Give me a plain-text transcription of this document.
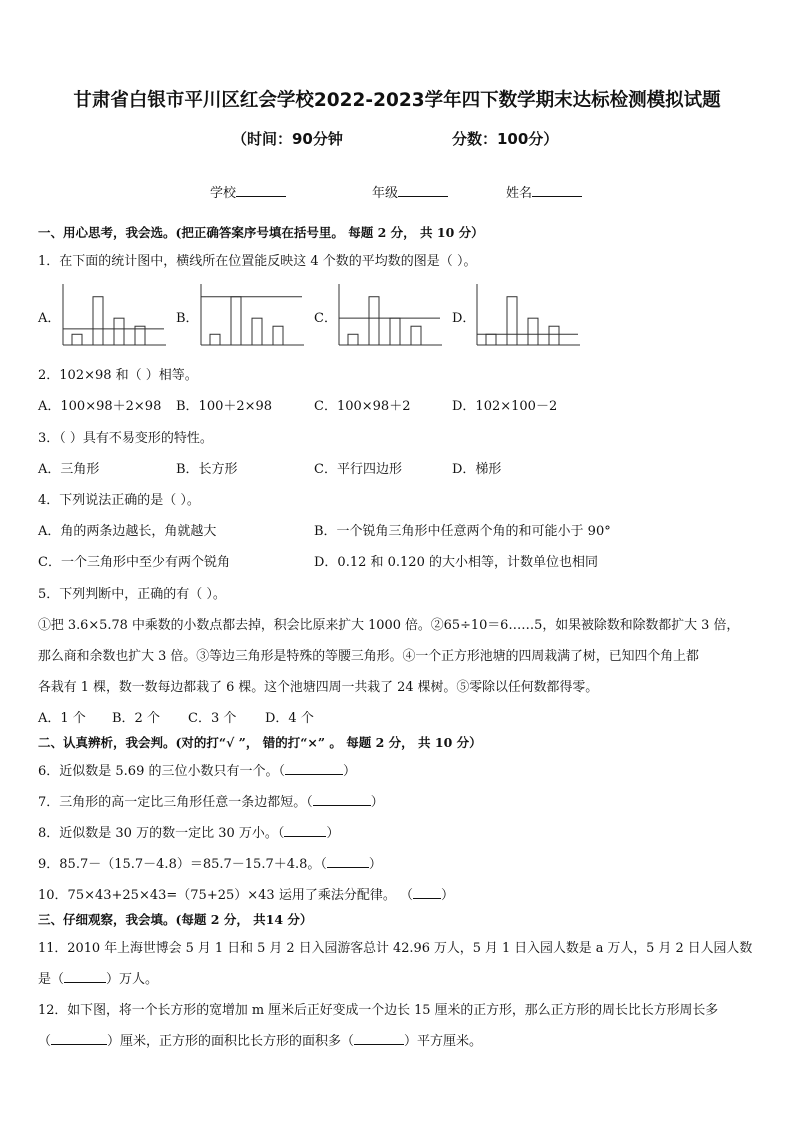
甘肃省白银市平川区红会学校2022-2023学年四下数学期末达标检测模拟试题
（时间：90分钟	分数：100分）
学校	年级	姓名
一、用心思考，我会选。(把正确答案序号填在括号里。 每题 2 分， 共 10 分）
1．在下面的统计图中，横线所在位置能反映这 4 个数的平均数的图是（ ）。
A．	B．	C．	D．
2．102×98 和（ ）相等。
A．100×98＋2×98 B．100＋2×98	C．100×98＋2	D．102×100－2
3．（ ）具有不易变形的特性。
A．三角形	B．长方形	C．平行四边形	D．梯形
4．下列说法正确的是（ ）。
A．角的两条边越长，角就越大	B．一个锐角三角形中任意两个角的和可能小于 90°
C．一个三角形中至少有两个锐角	D．0.12 和 0.120 的大小相等，计数单位也相同
5．下列判断中，正确的有（ ）。
①把 3.6×5.78 中乘数的小数点都去掉，积会比原来扩大 1000 倍。②65÷10＝6……5，如果被除数和除数都扩大 3 倍，
那么商和余数也扩大 3 倍。③等边三角形是特殊的等腰三角形。④一个正方形池塘的四周栽满了树，已知四个角上都
各栽有 1 棵，数一数每边都栽了 6 棵。这个池塘四周一共栽了 24 棵树。⑤零除以任何数都得零。
A．1 个 B．2 个 C．3 个 D．4 个
二、认真辨析，我会判。(对的打“√ ”， 错的打“×” 。 每题 2 分， 共 10 分）
6．近似数是 5.69 的三位小数只有一个。（	）
7．三角形的高一定比三角形任意一条边都短。（	）
8．近似数是 30 万的数一定比 30 万小。（	）
9．85.7－（15.7－4.8）＝85.7－15.7＋4.8。（	）
10．75×43+25×43=（75+25）×43 运用了乘法分配律。 （ ）
三、仔细观察，我会填。(每题 2 分， 共14 分）
11．2010 年上海世博会 5 月 1 日和 5 月 2 日入园游客总计 42.96 万人，5 月 1 日入园人数是 a 万人，5 月 2 日人园人数
是（	）万人。
12．如下图，将一个长方形的宽增加 m 厘米后正好变成一个边长 15 厘米的正方形，那么正方形的周长比长方形周长多
（	）厘米，正方形的面积比长方形的面积多（	）平方厘米。
